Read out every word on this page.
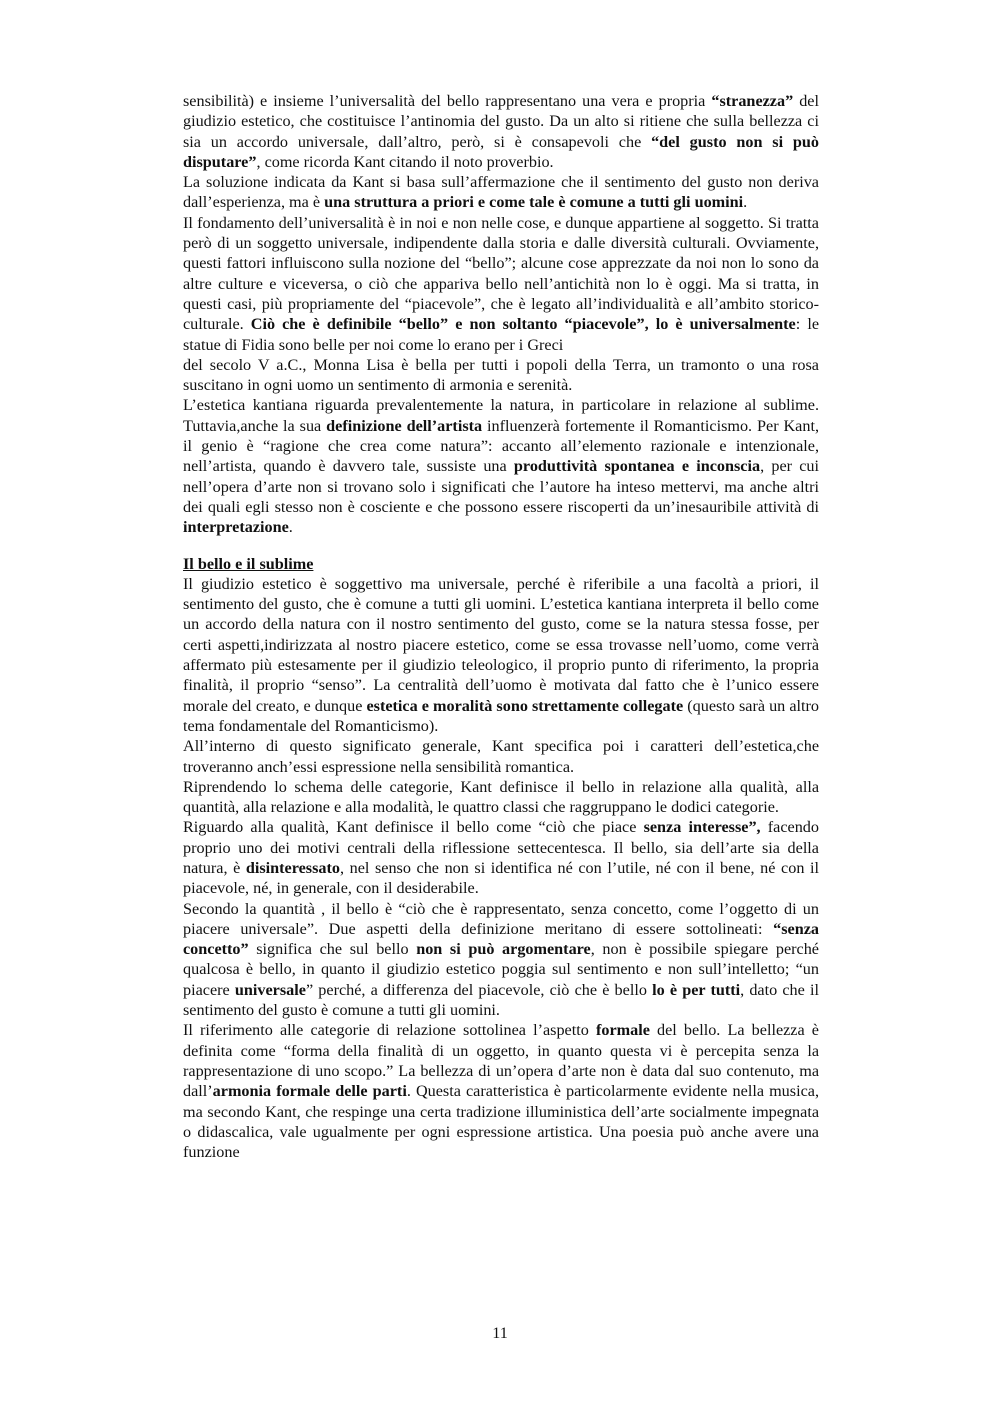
sensibilità) e insieme l’universalità del bello rappresentano una vera e propria “stranezza” del giudizio estetico, che costituisce l’antinomia del gusto. Da un alto si ritiene che sulla bellezza ci sia un accordo universale, dall’altro, però, si è consapevoli che “del gusto non si può disputare”, come ricorda Kant citando il noto proverbio.

La soluzione indicata da Kant si basa sull’affermazione che il sentimento del gusto non deriva dall’esperienza, ma è una struttura a priori e come tale è comune a tutti gli uomini.

Il fondamento dell’universalità è in noi e non nelle cose, e dunque appartiene al soggetto. Si tratta però di un soggetto universale, indipendente dalla storia e dalle diversità culturali. Ovviamente, questi fattori influiscono sulla nozione del “bello”; alcune cose apprezzate da noi non lo sono da altre culture e viceversa, o ciò che appariva bello nell’antichità non lo è oggi. Ma si tratta, in questi casi, più propriamente del “piacevole”, che è legato all’individualità e all’ambito storico-culturale. Ciò che è definibile “bello” e non soltanto “piacevole”, lo è universalmente: le statue di Fidia sono belle per noi come lo erano per i Greci

del secolo V a.C., Monna Lisa è bella per tutti i popoli della Terra, un tramonto o una rosa suscitano in ogni uomo un sentimento di armonia e serenità.

L’estetica kantiana riguarda prevalentemente la natura, in particolare in relazione al sublime. Tuttavia,anche la sua definizione dell’artista influenzerà fortemente il Romanticismo. Per Kant, il genio è “ragione che crea come natura”: accanto all’elemento razionale e intenzionale, nell’artista, quando è davvero tale, sussiste una produttività spontanea e inconscia, per cui nell’opera d’arte non si trovano solo i significati che l’autore ha inteso mettervi, ma anche altri dei quali egli stesso non è cosciente e che possono essere riscoperti da un’inesauribile attività di interpretazione.

Il bello e il sublime

Il giudizio estetico è soggettivo ma universale, perché è riferibile a una facoltà a priori, il sentimento del gusto, che è comune a tutti gli uomini. L’estetica kantiana interpreta il bello come un accordo della natura con il nostro sentimento del gusto, come se la natura stessa fosse, per certi aspetti,indirizzata al nostro piacere estetico, come se essa trovasse nell’uomo, come verrà affermato più estesamente per il giudizio teleologico, il proprio punto di riferimento, la propria finalità, il proprio “senso”. La centralità dell’uomo è motivata dal fatto che è l’unico essere morale del creato, e dunque estetica e moralità sono strettamente collegate (questo sarà un altro tema fondamentale del Romanticismo).

All’interno di questo significato generale, Kant specifica poi i caratteri dell’estetica,che troveranno anch’essi espressione nella sensibilità romantica.

Riprendendo lo schema delle categorie, Kant definisce il bello in relazione alla qualità, alla quantità, alla relazione e alla modalità, le quattro classi che raggruppano le dodici categorie.

Riguardo alla qualità, Kant definisce il bello come “ciò che piace senza interesse”, facendo proprio uno dei motivi centrali della riflessione settecentesca. Il bello, sia dell’arte sia della natura, è disinteressato, nel senso che non si identifica né con l’utile, né con il bene, né con il piacevole, né, in generale, con il desiderabile.

Secondo la quantità , il bello è “ciò che è rappresentato, senza concetto, come l’oggetto di un piacere universale”. Due aspetti della definizione meritano di essere sottolineati: “senza concetto” significa che sul bello non si può argomentare, non è possibile spiegare perché qualcosa è bello, in quanto il giudizio estetico poggia sul sentimento e non sull’intelletto; “un piacere universale” perché, a differenza del piacevole, ciò che è bello lo è per tutti, dato che il sentimento del gusto è comune a tutti gli uomini.

Il riferimento alle categorie di relazione sottolinea l’aspetto formale del bello. La bellezza è definita come “forma della finalità di un oggetto, in quanto questa vi è percepita senza la rappresentazione di uno scopo.” La bellezza di un’opera d’arte non è data dal suo contenuto, ma dall’armonia formale delle parti. Questa caratteristica è particolarmente evidente nella musica, ma secondo Kant, che respinge una certa tradizione illuministica dell’arte socialmente impegnata o didascalica, vale ugualmente per ogni espressione artistica. Una poesia può anche avere una funzione

11
